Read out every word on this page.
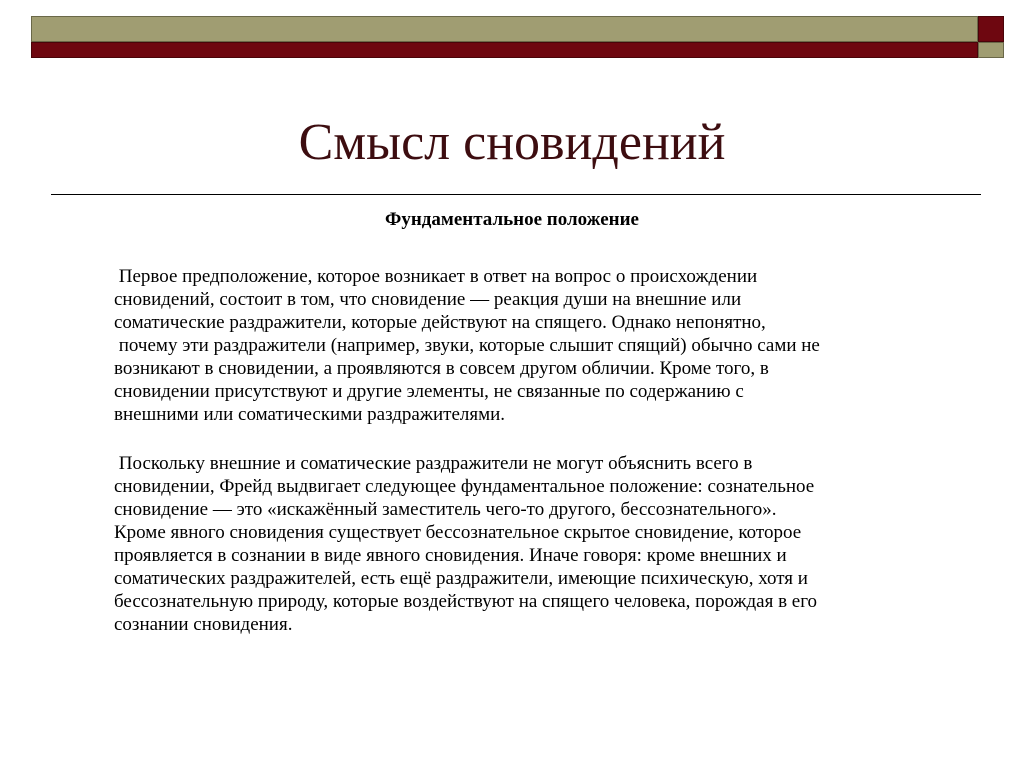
Смысл сновидений

Фундаментальное положение

Первое предположение, которое возникает в ответ на вопрос о происхождении
сновидений, состоит в том, что сновидение — реакция души на внешние или
соматические раздражители, которые действуют на спящего. Однако непонятно,
почему эти раздражители (например, звуки, которые слышит спящий) обычно сами не
возникают в сновидении, а проявляются в совсем другом обличии. Кроме того, в
сновидении присутствуют и другие элементы, не связанные по содержанию с
внешними или соматическими раздражителями.

Поскольку внешние и соматические раздражители не могут объяснить всего в
сновидении, Фрейд выдвигает следующее фундаментальное положение: сознательное
сновидение — это «искажённый заместитель чего-то другого, бессознательного».
Кроме явного сновидения существует бессознательное скрытое сновидение, которое
проявляется в сознании в виде явного сновидения. Иначе говоря: кроме внешних и
соматических раздражителей, есть ещё раздражители, имеющие психическую, хотя и
бессознательную природу, которые воздействуют на спящего человека, порождая в его
сознании сновидения.
